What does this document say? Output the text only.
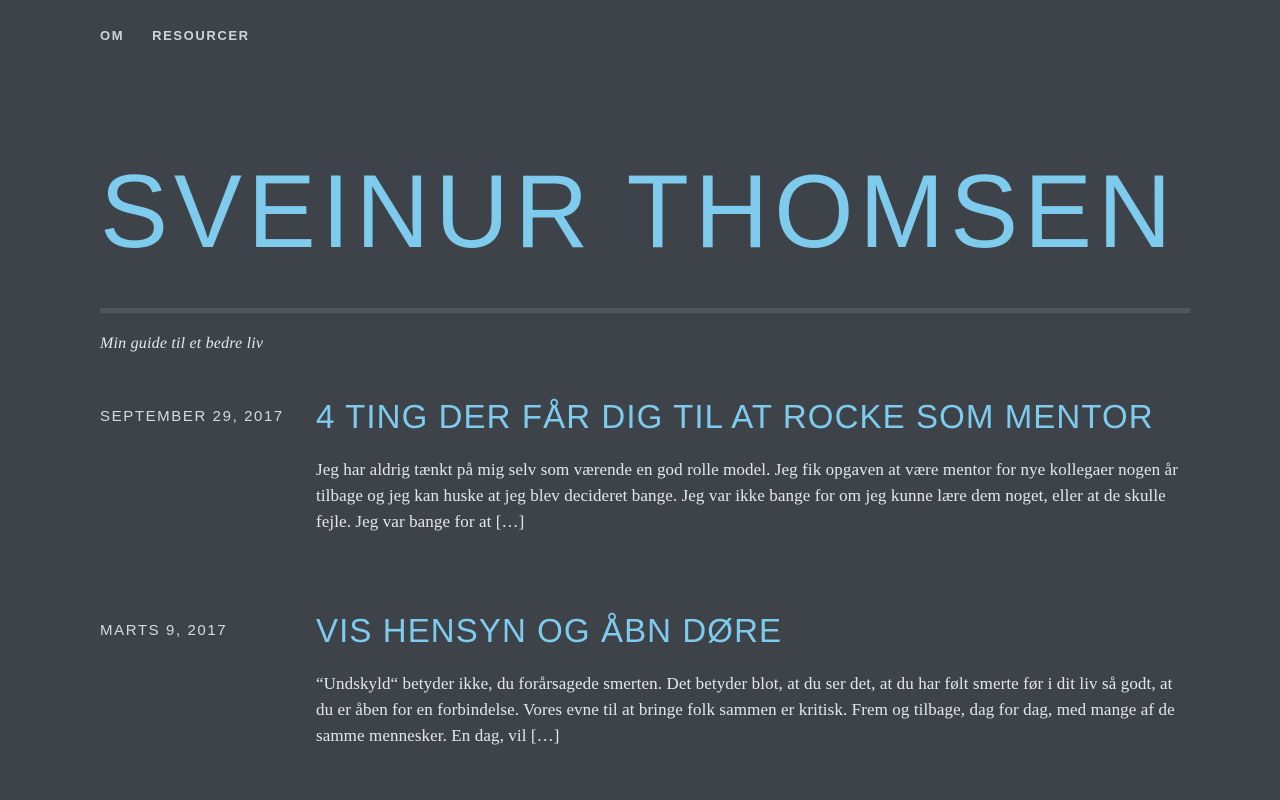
OM RESOURCER
SVEINUR THOMSEN
Min guide til et bedre liv
SEPTEMBER 29, 2017 4 TING DER FÅR DIG TIL AT ROCKE SOM MENTOR

Jeg har aldrig tænkt på mig selv som værende en god rolle model. Jeg fik opgaven at være mentor for nye kollegaer nogen år tilbage og jeg kan huske at jeg blev decideret bange. Jeg var ikke bange for om jeg kunne lære dem noget, eller at de skulle fejle. Jeg var bange for at […]

MARTS 9, 2017	VIS HENSYN OG ÅBN DØRE

“Undskyld“ betyder ikke, du forårsagede smerten. Det betyder blot, at du ser det, at du har følt smerte før i dit liv så godt, at du er åben for en forbindelse. Vores evne til at bringe folk sammen er kritisk. Frem og tilbage, dag for dag, med mange af de samme mennesker. En dag, vil […]
